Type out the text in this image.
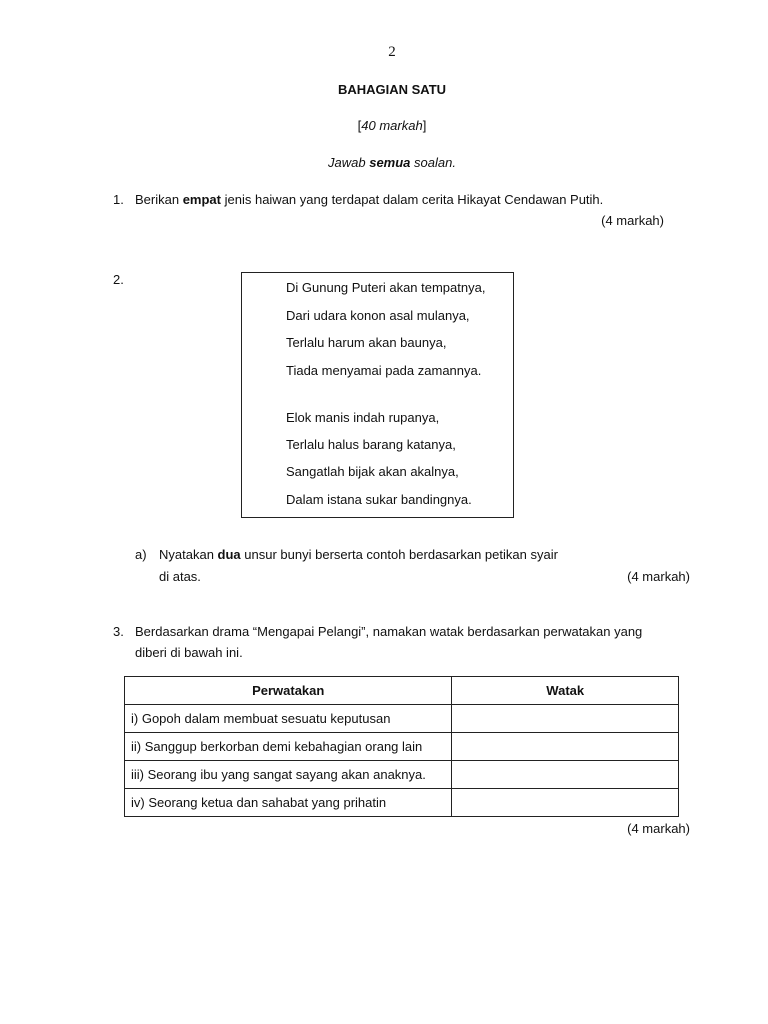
2
BAHAGIAN SATU
[40 markah]
Jawab semua soalan.
1. Berikan empat jenis haiwan yang terdapat dalam cerita Hikayat Cendawan Putih.
(4 markah)
2.
Di Gunung Puteri akan tempatnya,
Dari udara konon asal mulanya,
Terlalu harum akan baunya,
Tiada menyamai pada zamannya.
Elok manis indah rupanya,
Terlalu halus barang katanya,
Sangatlah bijak akan akalnya,
Dalam istana sukar bandingnya.
a) Nyatakan dua unsur bunyi berserta contoh berdasarkan petikan syair
di atas.	(4 markah)
3. Berdasarkan drama “Mengapai Pelangi”, namakan watak berdasarkan perwatakan yang
diberi di bawah ini.
Perwatakan	Watak
i) Gopoh dalam membuat sesuatu keputusan	
ii) Sanggup berkorban demi kebahagian orang lain	
iii) Seorang ibu yang sangat sayang akan anaknya.	
iv) Seorang ketua dan sahabat yang prihatin	
(4 markah)
